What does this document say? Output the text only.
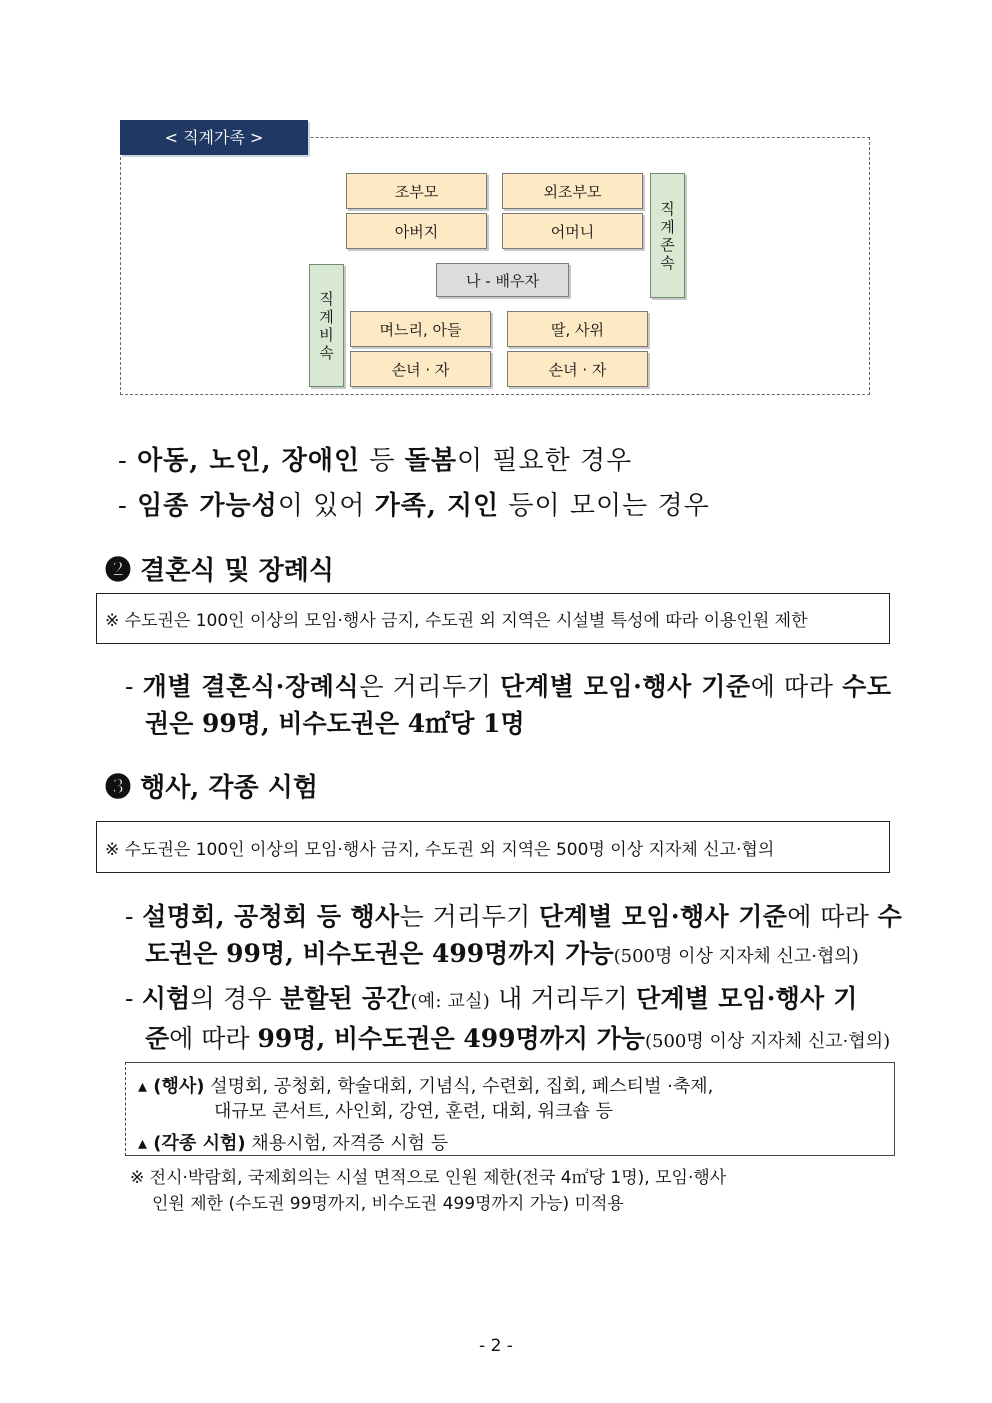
< 직계가족 >
조부모	외조부모
아버지	어머니
직
계
존
속
나 - 배우자
직
계
비
속
며느리, 아들	딸, 사위
손녀 · 자	손녀 · 자
- 아동, 노인, 장애인 등 돌봄이 필요한 경우
- 임종 가능성이 있어 가족, 지인 등이 모이는 경우
❷ 결혼식 및 장례식
※ 수도권은 100인 이상의 모임·행사 금지, 수도권 외 지역은 시설별 특성에 따라 이용인원 제한
- 개별 결혼식·장례식은 거리두기 단계별 모임·행사 기준에 따라 수도
권은 99명, 비수도권은 4㎡당 1명
❸ 행사, 각종 시험
※ 수도권은 100인 이상의 모임·행사 금지, 수도권 외 지역은 500명 이상 지자체 신고·협의
- 설명회, 공청회 등 행사는 거리두기 단계별 모임·행사 기준에 따라 수
도권은 99명, 비수도권은 499명까지 가능(500명 이상 지자체 신고·협의)
- 시험의 경우 분할된 공간(예: 교실) 내 거리두기 단계별 모임·행사 기
준에 따라 99명, 비수도권은 499명까지 가능(500명 이상 지자체 신고·협의)
▴ (행사) 설명회, 공청회, 학술대회, 기념식, 수련회, 집회, 페스티벌 ·축제,
대규모 콘서트, 사인회, 강연, 훈련, 대회, 워크숍 등
▴ (각종 시험) 채용시험, 자격증 시험 등
※ 전시·박람회, 국제회의는 시설 면적으로 인원 제한(전국 4㎡당 1명), 모임·행사
인원 제한 (수도권 99명까지, 비수도권 499명까지 가능) 미적용
- 2 -
